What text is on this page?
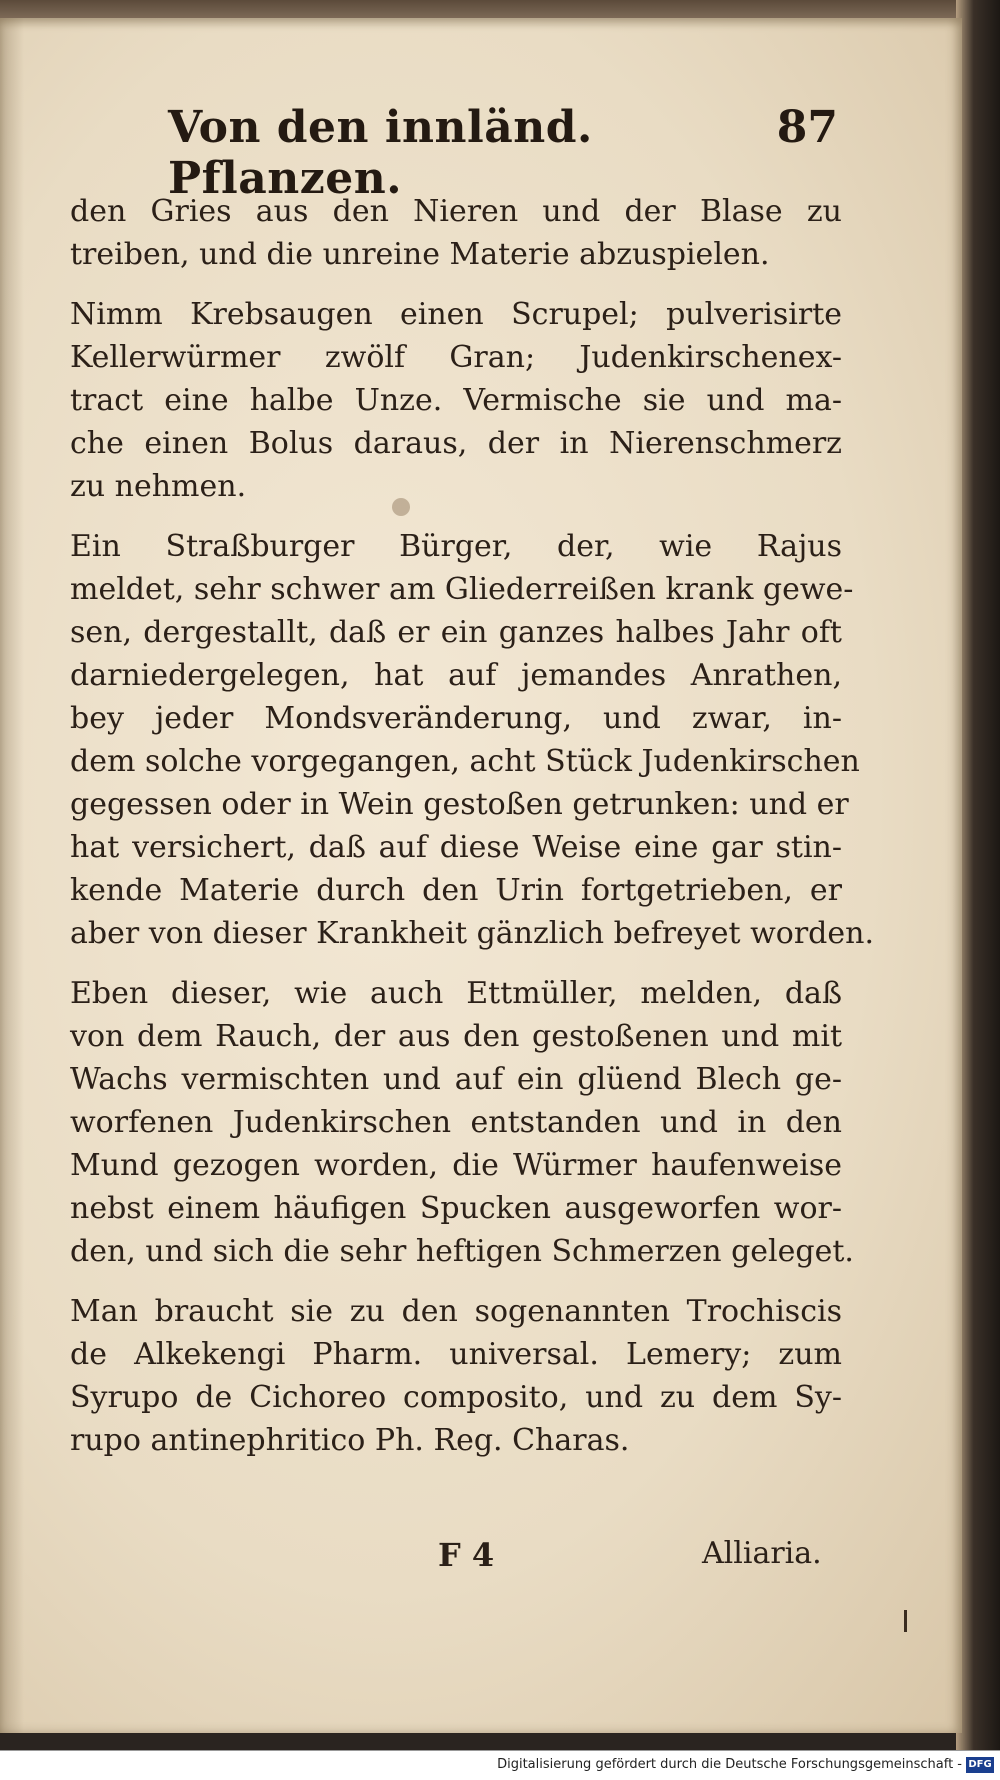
Von den innländ. Pflanzen.
87
den Gries aus den Nieren und der Blase zu
treiben, und die unreine Materie abzuspielen.
Nimm Krebsaugen einen Scrupel; pulverisirte
Kellerwürmer zwölf Gran; Judenkirschenex-
tract eine halbe Unze. Vermische sie und ma-
che einen Bolus daraus, der in Nierenschmerz
zu nehmen.
Ein Straßburger Bürger, der, wie Rajus
meldet, sehr schwer am Gliederreißen krank gewe-
sen, dergestallt, daß er ein ganzes halbes Jahr oft
darniedergelegen, hat auf jemandes Anrathen,
bey jeder Mondsveränderung, und zwar, in-
dem solche vorgegangen, acht Stück Judenkirschen
gegessen oder in Wein gestoßen getrunken: und er
hat versichert, daß auf diese Weise eine gar stin-
kende Materie durch den Urin fortgetrieben, er
aber von dieser Krankheit gänzlich befreyet worden.
Eben dieser, wie auch Ettmüller, melden, daß
von dem Rauch, der aus den gestoßenen und mit
Wachs vermischten und auf ein glüend Blech ge-
worfenen Judenkirschen entstanden und in den
Mund gezogen worden, die Würmer haufenweise
nebst einem häufigen Spucken ausgeworfen wor-
den, und sich die sehr heftigen Schmerzen geleget.
Man braucht sie zu den sogenannten Trochiscis
de Alkekengi Pharm. universal. Lemery; zum
Syrupo de Cichoreo composito, und zu dem Sy-
rupo antinephritico Ph. Reg. Charas.
F 4	Alliaria.
Digitalisierung gefördert durch die Deutsche Forschungsgemeinschaft - DFG
